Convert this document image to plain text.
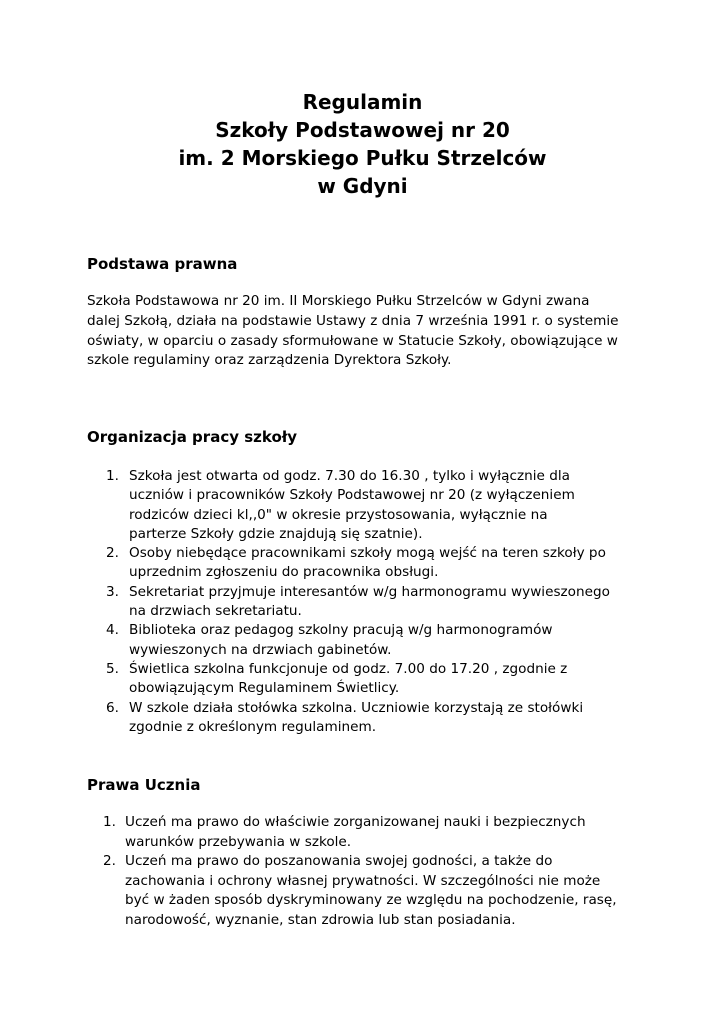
Regulamin
Szkoły Podstawowej nr 20
im. 2 Morskiego Pułku Strzelców
w Gdyni
Podstawa prawna
Szkoła Podstawowa nr 20 im. II Morskiego Pułku Strzelców w Gdyni zwana
dalej Szkołą, działa na podstawie Ustawy z dnia 7 września 1991 r. o systemie
oświaty, w oparciu o zasady sformułowane w Statucie Szkoły, obowiązujące w
szkole regulaminy oraz zarządzenia Dyrektora Szkoły.
Organizacja pracy szkoły
1. Szkoła jest otwarta od godz. 7.30 do 16.30 , tylko i wyłącznie dla
uczniów i pracowników Szkoły Podstawowej nr 20 (z wyłączeniem
rodziców dzieci kl,,0" w okresie przystosowania, wyłącznie na
parterze Szkoły gdzie znajdują się szatnie).
2. Osoby niebędące pracownikami szkoły mogą wejść na teren szkoły po
uprzednim zgłoszeniu do pracownika obsługi.
3. Sekretariat przyjmuje interesantów w/g harmonogramu wywieszonego
na drzwiach sekretariatu.
4. Biblioteka oraz pedagog szkolny pracują w/g harmonogramów
wywieszonych na drzwiach gabinetów.
5. Świetlica szkolna funkcjonuje od godz. 7.00 do 17.20 , zgodnie z
obowiązującym Regulaminem Świetlicy.
6. W szkole działa stołówka szkolna. Uczniowie korzystają ze stołówki
zgodnie z określonym regulaminem.
Prawa Ucznia
1. Uczeń ma prawo do właściwie zorganizowanej nauki i bezpiecznych
warunków przebywania w szkole.
2. Uczeń ma prawo do poszanowania swojej godności, a także do
zachowania i ochrony własnej prywatności. W szczególności nie może
być w żaden sposób dyskryminowany ze względu na pochodzenie, rasę,
narodowość, wyznanie, stan zdrowia lub stan posiadania.
